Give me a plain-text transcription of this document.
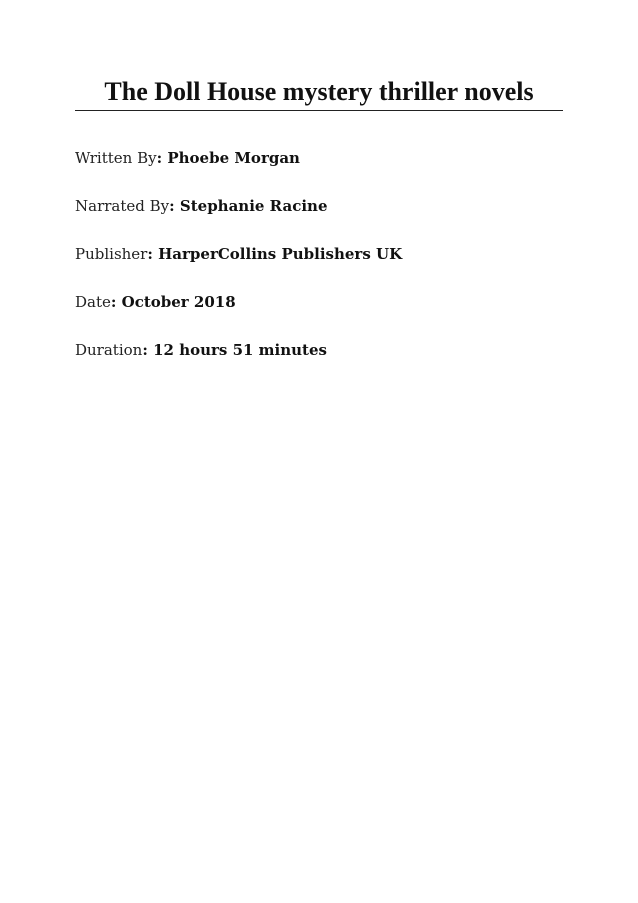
The Doll House mystery thriller novels
Written By: Phoebe Morgan
Narrated By: Stephanie Racine
Publisher: HarperCollins Publishers UK
Date: October 2018
Duration: 12 hours 51 minutes
